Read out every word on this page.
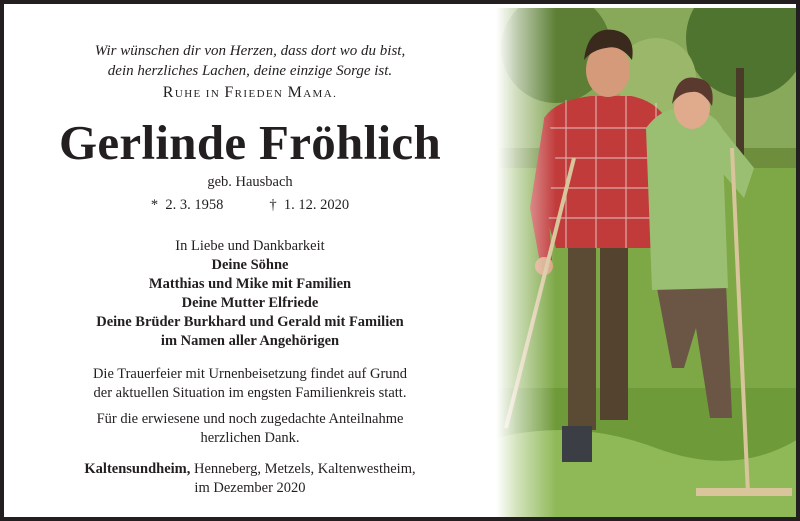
Wir wünschen dir von Herzen, dass dort wo du bist,
dein herzliches Lachen, deine einzige Sorge ist.
RUHE IN FRIEDEN MAMA.
Gerlinde Fröhlich
geb. Hausbach
*  2. 3. 1958	†  1. 12. 2020
In Liebe und Dankbarkeit
Deine Söhne
Matthias und Mike mit Familien
Deine Mutter Elfriede
Deine Brüder Burkhard und Gerald mit Familien
im Namen aller Angehörigen
Die Trauerfeier mit Urnenbeisetzung findet auf Grund
der aktuellen Situation im engsten Familienkreis statt.
Für die erwiesene und noch zugedachte Anteilnahme
herzlichen Dank.
Kaltensundheim, Henneberg, Metzels, Kaltenwestheim,
im Dezember 2020
